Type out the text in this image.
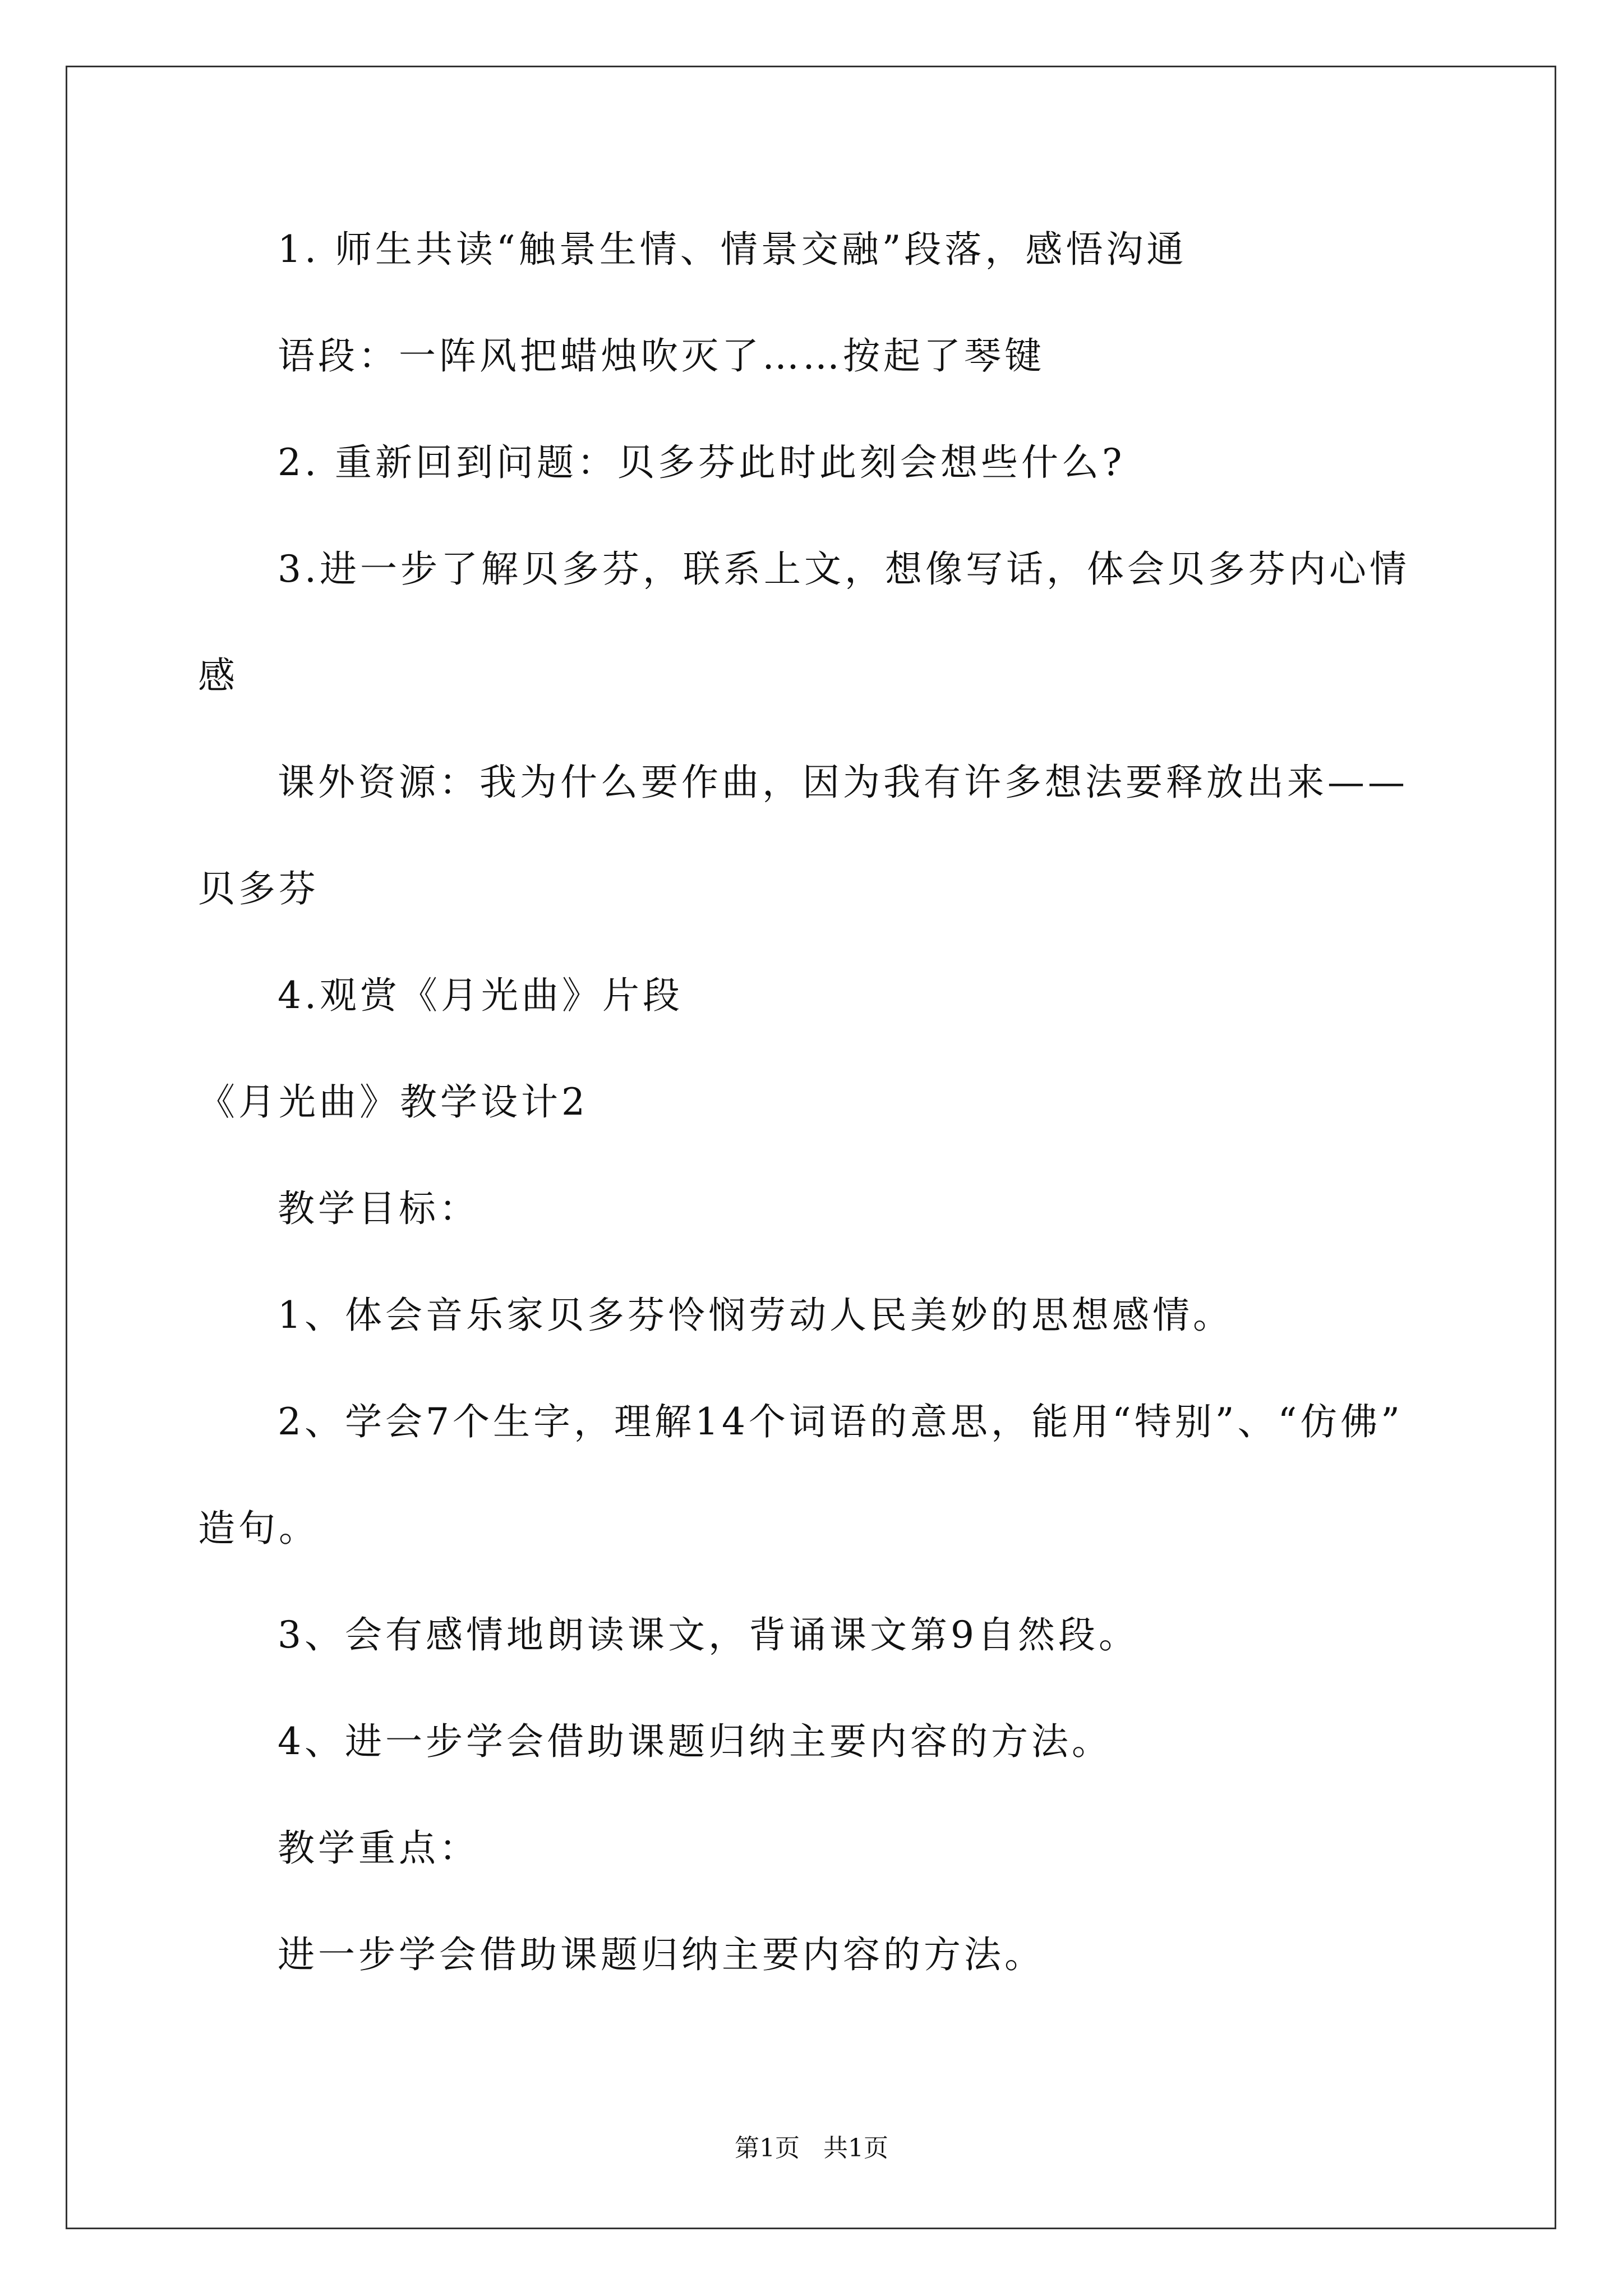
1. 师生共读“触景生情、情景交融”段落，感悟沟通
语段：一阵风把蜡烛吹灭了……按起了琴键
2. 重新回到问题：贝多芬此时此刻会想些什么?
3.进一步了解贝多芬，联系上文，想像写话，体会贝多芬内心情
感
课外资源：我为什么要作曲，因为我有许多想法要释放出来——
贝多芬
4.观赏《月光曲》片段
《月光曲》教学设计2
教学目标：
1、体会音乐家贝多芬怜悯劳动人民美妙的思想感情。
2、学会7个生字，理解14个词语的意思，能用“特别”、“仿佛”
造句。
3、会有感情地朗读课文，背诵课文第9自然段。
4、进一步学会借助课题归纳主要内容的方法。
教学重点：
进一步学会借助课题归纳主要内容的方法。
第1页   共1页
